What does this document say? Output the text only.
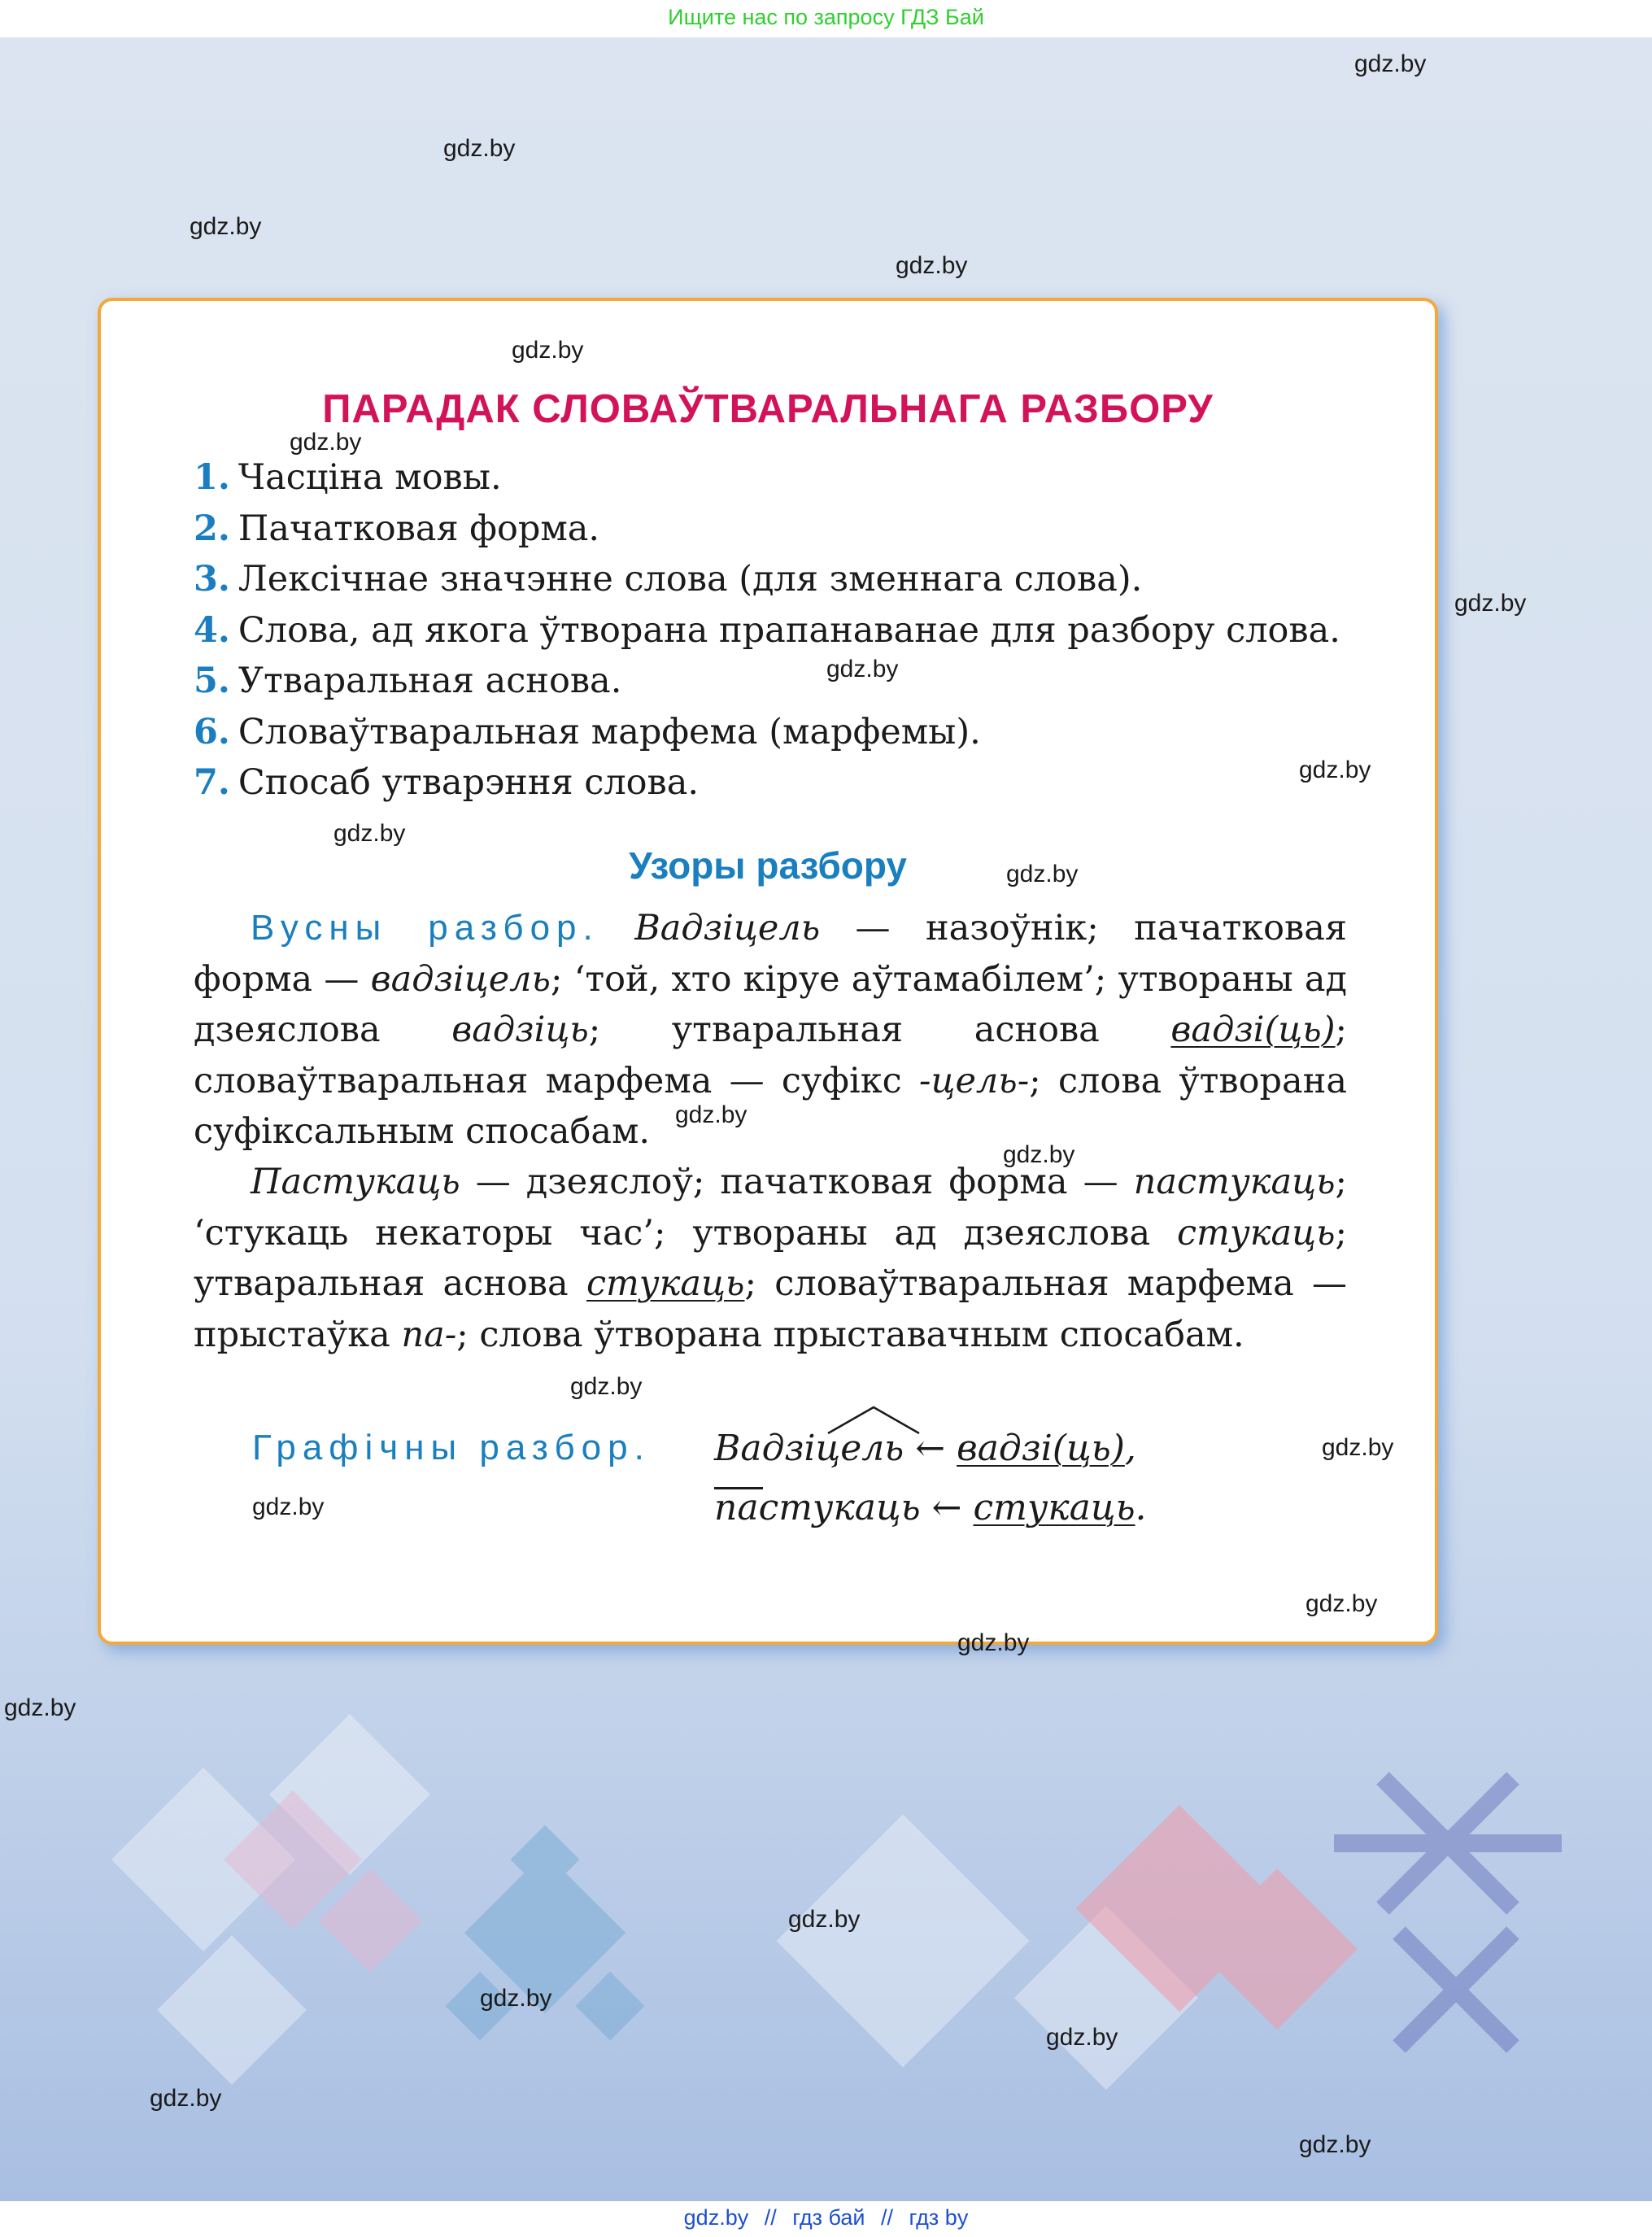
Ищите нас по запросу ГДЗ Бай
ПАРАДАК СЛОВАЎТВАРАЛЬНАГА РАЗБОРУ
1. Часціна мовы.
2. Пачатковая форма.
3. Лексічнае значэнне слова (для зменнага слова).
4. Слова, ад якога ўтворана прапанаванае для разбору слова.
5. Утваральная аснова.
6. Словаўтваральная марфема (марфемы).
7. Спосаб утварэння слова.
Узоры разбору

Вусны разбор. Вадзіцель — назоўнік; пачатковая форма — вадзіцель; ‘той, хто кіруе аўтамабілем’; утвораны ад дзеяслова вадзіць; утваральная аснова вадзі(ць); словаўтваральная марфема — суфікс -цель-; слова ўтворана суфіксальным спосабам.

Пастукаць — дзеяслоў; пачатковая форма — пастукаць; ‘стукаць некаторы час’; утвораны ад дзеяслова стукаць; утваральная аснова стукаць; словаўтваральная марфема — прыстаўка па-; слова ўтворана прыставачным спосабам.

Графічны разбор. Вадзіцель ← вадзі(ць),

пастукаць ← стукаць.

gdz.by
gdz.by
gdz.by
gdz.by
gdz.by
gdz.by
gdz.by
gdz.by
gdz.by
gdz.by
gdz.by
gdz.by
gdz.by
gdz.by
gdz.by
gdz.by
gdz.by
gdz.by
gdz.by
gdz.by
gdz.by
gdz.by
gdz.by
gdz.by
gdz.by // гдз бай // гдз by
